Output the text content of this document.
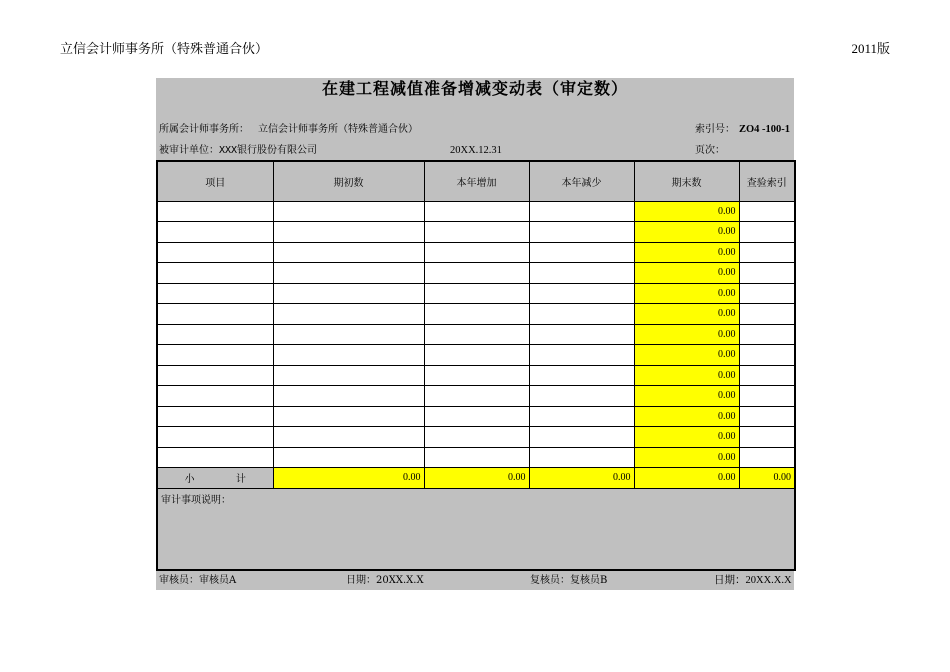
立信会计师事务所（特殊普通合伙）	2011版
在建工程减值准备增减变动表（审定数）
所属会计师事务所： 立信会计师事务所（特殊普通合伙）	索引号： ZO4 -100-1
被审计单位：XXX银行股份有限公司	20XX.12.31	页次：
项目	期初数	本年增加	本年减少	期末数	查验索引
				0.00	
				0.00	
				0.00	
				0.00	
				0.00	
				0.00	
				0.00	
				0.00	
				0.00	
				0.00	
				0.00	
				0.00	
				0.00	
小 计	0.00	0.00	0.00	0.00	0.00
审计事项说明：					
审核员：审核员A	日期：20XX.X.X	复核员：复核员B	日期：20XX.X.X
